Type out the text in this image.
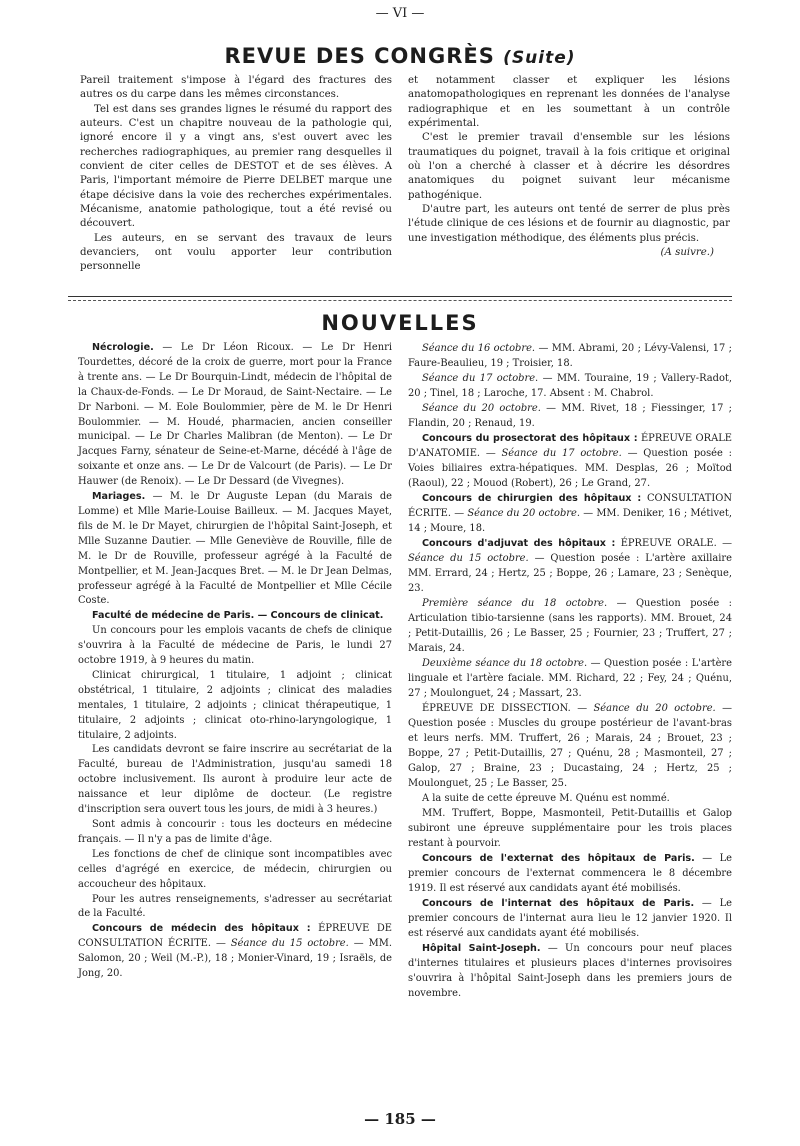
— VI —
REVUE DES CONGRÈS (Suite)

Pareil traitement s'impose à l'égard des fractures des autres os du carpe dans les mêmes circonstances.

Tel est dans ses grandes lignes le résumé du rapport des auteurs. C'est un chapitre nouveau de la pathologie qui, ignoré encore il y a vingt ans, s'est ouvert avec les recherches radiographiques, au premier rang desquelles il convient de citer celles de DESTOT et de ses élèves. A Paris, l'important mémoire de Pierre DELBET marque une étape décisive dans la voie des recherches expérimentales. Mécanisme, anatomie pathologique, tout a été revisé ou découvert.

Les auteurs, en se servant des travaux de leurs devanciers, ont voulu apporter leur contribution personnelle

et notamment classer et expliquer les lésions anatomopathologiques en reprenant les données de l'analyse radiographique et en les soumettant à un contrôle expérimental.

C'est le premier travail d'ensemble sur les lésions traumatiques du poignet, travail à la fois critique et original où l'on a cherché à classer et à décrire les désordres anatomiques du poignet suivant leur mécanisme pathogénique.

D'autre part, les auteurs ont tenté de serrer de plus près l'étude clinique de ces lésions et de fournir au diagnostic, par une investigation méthodique, des éléments plus précis.

(A suivre.)
NOUVELLES

Nécrologie. — Le Dr Léon Ricoux. — Le Dr Henri Tourdettes, décoré de la croix de guerre, mort pour la France à trente ans. — Le Dr Bourquin-Lindt, médecin de l'hôpital de la Chaux-de-Fonds. — Le Dr Moraud, de Saint-Nectaire. — Le Dr Narboni. — M. Eole Boulommier, père de M. le Dr Henri Boulommier. — M. Houdé, pharmacien, ancien conseiller municipal. — Le Dr Charles Malibran (de Menton). — Le Dr Jacques Farny, sénateur de Seine-et-Marne, décédé à l'âge de soixante et onze ans. — Le Dr de Valcourt (de Paris). — Le Dr Hauwer (de Renoix). — Le Dr Dessard (de Vivegnes).

Mariages. — M. le Dr Auguste Lepan (du Marais de Lomme) et Mlle Marie-Louise Bailleux. — M. Jacques Mayet, fils de M. le Dr Mayet, chirurgien de l'hôpital Saint-Joseph, et Mlle Suzanne Dautier. — Mlle Geneviève de Rouville, fille de M. le Dr de Rouville, professeur agrégé à la Faculté de Montpellier, et M. Jean-Jacques Bret. — M. le Dr Jean Delmas, professeur agrégé à la Faculté de Montpellier et Mlle Cécile Coste.

Faculté de médecine de Paris. — Concours de clinicat.

Un concours pour les emplois vacants de chefs de clinique s'ouvrira à la Faculté de médecine de Paris, le lundi 27 octobre 1919, à 9 heures du matin.

Clinicat chirurgical, 1 titulaire, 1 adjoint ; clinicat obstétrical, 1 titulaire, 2 adjoints ; clinicat des maladies mentales, 1 titulaire, 2 adjoints ; clinicat thérapeutique, 1 titulaire, 2 adjoints ; clinicat oto-rhino-laryngologique, 1 titulaire, 2 adjoints.

Les candidats devront se faire inscrire au secrétariat de la Faculté, bureau de l'Administration, jusqu'au samedi 18 octobre inclusivement. Ils auront à produire leur acte de naissance et leur diplôme de docteur. (Le registre d'inscription sera ouvert tous les jours, de midi à 3 heures.)

Sont admis à concourir : tous les docteurs en médecine français. — Il n'y a pas de limite d'âge.

Les fonctions de chef de clinique sont incompatibles avec celles d'agrégé en exercice, de médecin, chirurgien ou accoucheur des hôpitaux.

Pour les autres renseignements, s'adresser au secrétariat de la Faculté.

Concours de médecin des hôpitaux : ÉPREUVE DE CONSULTATION ÉCRITE. — Séance du 15 octobre. — MM. Salomon, 20 ; Weil (M.-P.), 18 ; Monier-Vinard, 19 ; Israëls, de Jong, 20.

Séance du 16 octobre. — MM. Abrami, 20 ; Lévy-Valensi, 17 ; Faure-Beaulieu, 19 ; Troisier, 18.

Séance du 17 octobre. — MM. Touraine, 19 ; Vallery-Radot, 20 ; Tinel, 18 ; Laroche, 17. Absent : M. Chabrol.

Séance du 20 octobre. — MM. Rivet, 18 ; Fiessinger, 17 ; Flandin, 20 ; Renaud, 19.

Concours du prosectorat des hôpitaux : ÉPREUVE ORALE D'ANATOMIE. — Séance du 17 octobre. — Question posée : Voies biliaires extra-hépatiques. MM. Desplas, 26 ; Moïtod (Raoul), 22 ; Mouod (Robert), 26 ; Le Grand, 27.

Concours de chirurgien des hôpitaux : CONSULTATION ÉCRITE. — Séance du 20 octobre. — MM. Deniker, 16 ; Métivet, 14 ; Moure, 18.

Concours d'adjuvat des hôpitaux : ÉPREUVE ORALE. — Séance du 15 octobre. — Question posée : L'artère axillaire MM. Errard, 24 ; Hertz, 25 ; Boppe, 26 ; Lamare, 23 ; Senèque, 23.

Première séance du 18 octobre. — Question posée : Articulation tibio-tarsienne (sans les rapports). MM. Brouet, 24 ; Petit-Dutaillis, 26 ; Le Basser, 25 ; Fournier, 23 ; Truffert, 27 ; Marais, 24.

Deuxième séance du 18 octobre. — Question posée : L'artère linguale et l'artère faciale. MM. Richard, 22 ; Fey, 24 ; Quénu, 27 ; Moulonguet, 24 ; Massart, 23.

ÉPREUVE DE DISSECTION. — Séance du 20 octobre. — Question posée : Muscles du groupe postérieur de l'avant-bras et leurs nerfs. MM. Truffert, 26 ; Marais, 24 ; Brouet, 23 ; Boppe, 27 ; Petit-Dutaillis, 27 ; Quénu, 28 ; Masmonteil, 27 ; Galop, 27 ; Braine, 23 ; Ducastaing, 24 ; Hertz, 25 ; Moulonguet, 25 ; Le Basser, 25.

A la suite de cette épreuve M. Quénu est nommé.

MM. Truffert, Boppe, Masmonteil, Petit-Dutaillis et Galop subiront une épreuve supplémentaire pour les trois places restant à pourvoir.

Concours de l'externat des hôpitaux de Paris. — Le premier concours de l'externat commencera le 8 décembre 1919. Il est réservé aux candidats ayant été mobilisés.

Concours de l'internat des hôpitaux de Paris. — Le premier concours de l'internat aura lieu le 12 janvier 1920. Il est réservé aux candidats ayant été mobilisés.

Hôpital Saint-Joseph. — Un concours pour neuf places d'internes titulaires et plusieurs places d'internes provisoires s'ouvrira à l'hôpital Saint-Joseph dans les premiers jours de novembre.

— 185 —
